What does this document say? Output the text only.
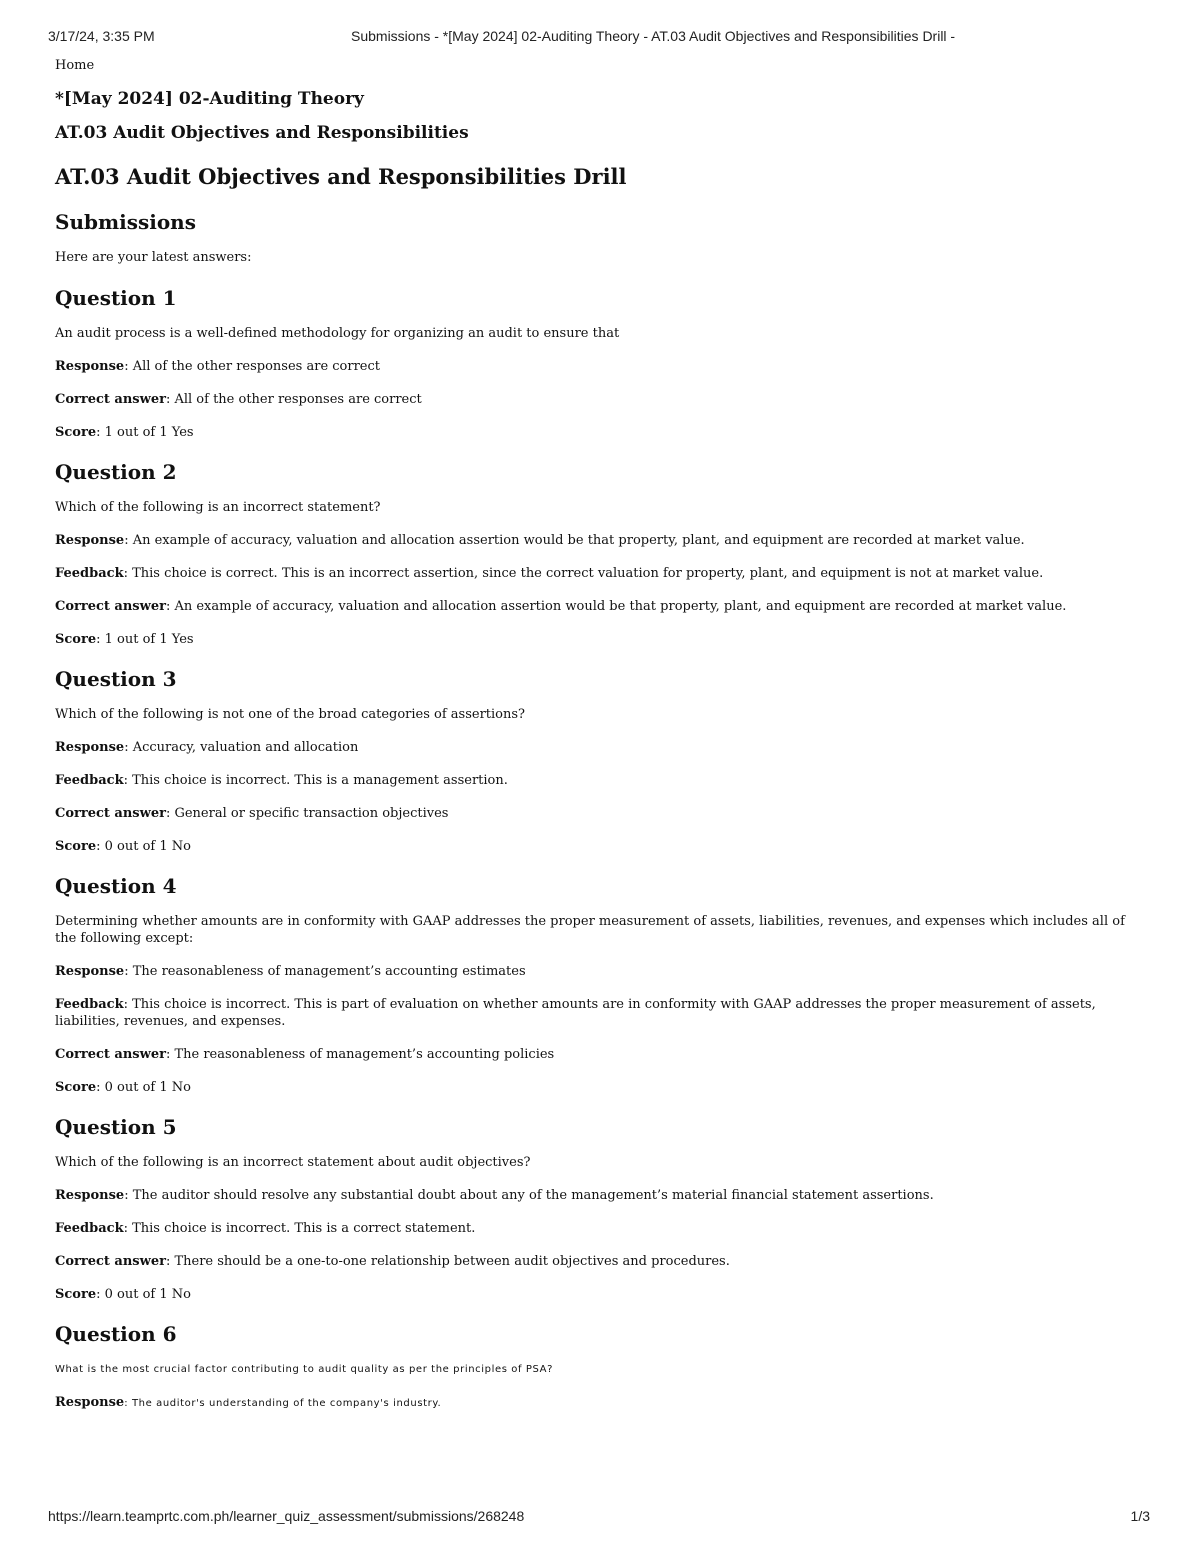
3/17/24, 3:35 PM	Submissions - *[May 2024] 02-Auditing Theory - AT.03 Audit Objectives and Responsibilities Drill -
Home
*[May 2024] 02-Auditing Theory
AT.03 Audit Objectives and Responsibilities
AT.03 Audit Objectives and Responsibilities Drill
Submissions

Here are your latest answers:

Question 1

An audit process is a well-defined methodology for organizing an audit to ensure that

Response: All of the other responses are correct

Correct answer: All of the other responses are correct

Score: 1 out of 1 Yes

Question 2

Which of the following is an incorrect statement?

Response: An example of accuracy, valuation and allocation assertion would be that property, plant, and equipment are recorded at market value.

Feedback: This choice is correct. This is an incorrect assertion, since the correct valuation for property, plant, and equipment is not at market value.

Correct answer: An example of accuracy, valuation and allocation assertion would be that property, plant, and equipment are recorded at market value.

Score: 1 out of 1 Yes

Question 3

Which of the following is not one of the broad categories of assertions?

Response: Accuracy, valuation and allocation

Feedback: This choice is incorrect. This is a management assertion.

Correct answer: General or specific transaction objectives

Score: 0 out of 1 No

Question 4

Determining whether amounts are in conformity with GAAP addresses the proper measurement of assets, liabilities, revenues, and expenses which includes all of the following except:

Response: The reasonableness of management’s accounting estimates

Feedback: This choice is incorrect. This is part of evaluation on whether amounts are in conformity with GAAP addresses the proper measurement of assets, liabilities, revenues, and expenses.

Correct answer: The reasonableness of management’s accounting policies

Score: 0 out of 1 No

Question 5

Which of the following is an incorrect statement about audit objectives?

Response: The auditor should resolve any substantial doubt about any of the management’s material financial statement assertions.

Feedback: This choice is incorrect. This is a correct statement.

Correct answer: There should be a one-to-one relationship between audit objectives and procedures.

Score: 0 out of 1 No

Question 6

What is the most crucial factor contributing to audit quality as per the principles of PSA?

Response: The auditor's understanding of the company's industry.

https://learn.teamprtc.com.ph/learner_quiz_assessment/submissions/268248	1/3
